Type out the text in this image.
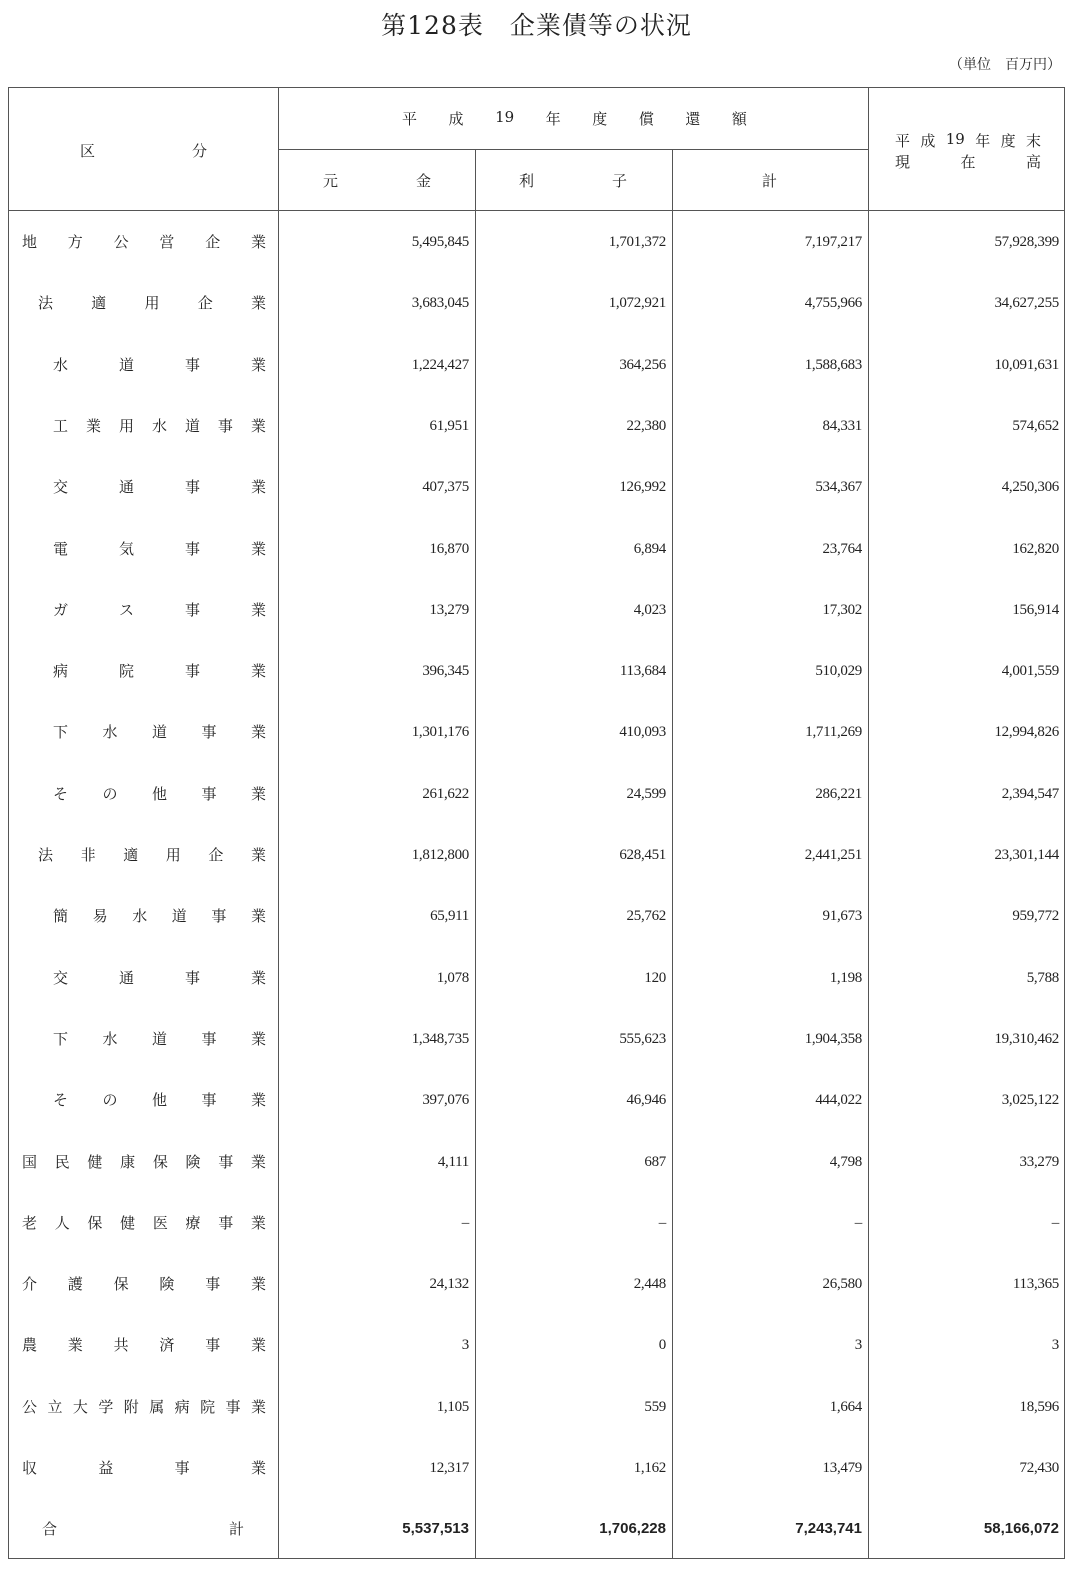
第128表　企業債等の状況
（単位　百万円）
区	分
平 成 19 年 度 償 還 額
元	金	利	子	計
平 成 19 年 度 末
現	在	高
地 方 公 営 企 業	5,495,845	1,701,372	7,197,217	57,928,399
法	適	用	企	業	3,683,045	1,072,921	4,755,966	34,627,255
水	道	事	業	1,224,427	364,256	1,588,683	10,091,631
工 業 用 水 道 事 業	61,951	22,380	84,331	574,652
交	通	事	業	407,375	126,992	534,367	4,250,306
電	気	事	業	16,870	6,894	23,764	162,820
ガ	ス	事	業	13,279	4,023	17,302	156,914
病	院	事	業	396,345	113,684	510,029	4,001,559
下 水 道 事 業	1,301,176	410,093	1,711,269	12,994,826
そ の 他 事 業	261,622	24,599	286,221	2,394,547
法 非 適 用 企 業	1,812,800	628,451	2,441,251	23,301,144
簡 易 水 道 事 業	65,911	25,762	91,673	959,772
交	通	事	業	1,078	120	1,198	5,788
下 水 道 事 業	1,348,735	555,623	1,904,358	19,310,462
そ の 他 事 業	397,076	46,946	444,022	3,025,122
国 民 健 康 保 険 事 業	4,111	687	4,798	33,279
老 人 保 健 医 療 事 業	–	–	–	–
介 護 保 険 事 業	24,132	2,448	26,580	113,365
農 業 共 済 事 業	3	0	3	3
公 立 大 学 附 属 病 院 事 業	1,105	559	1,664	18,596
収	益	事	業	12,317	1,162	13,479	72,430
合	計	5,537,513	1,706,228	7,243,741	58,166,072
